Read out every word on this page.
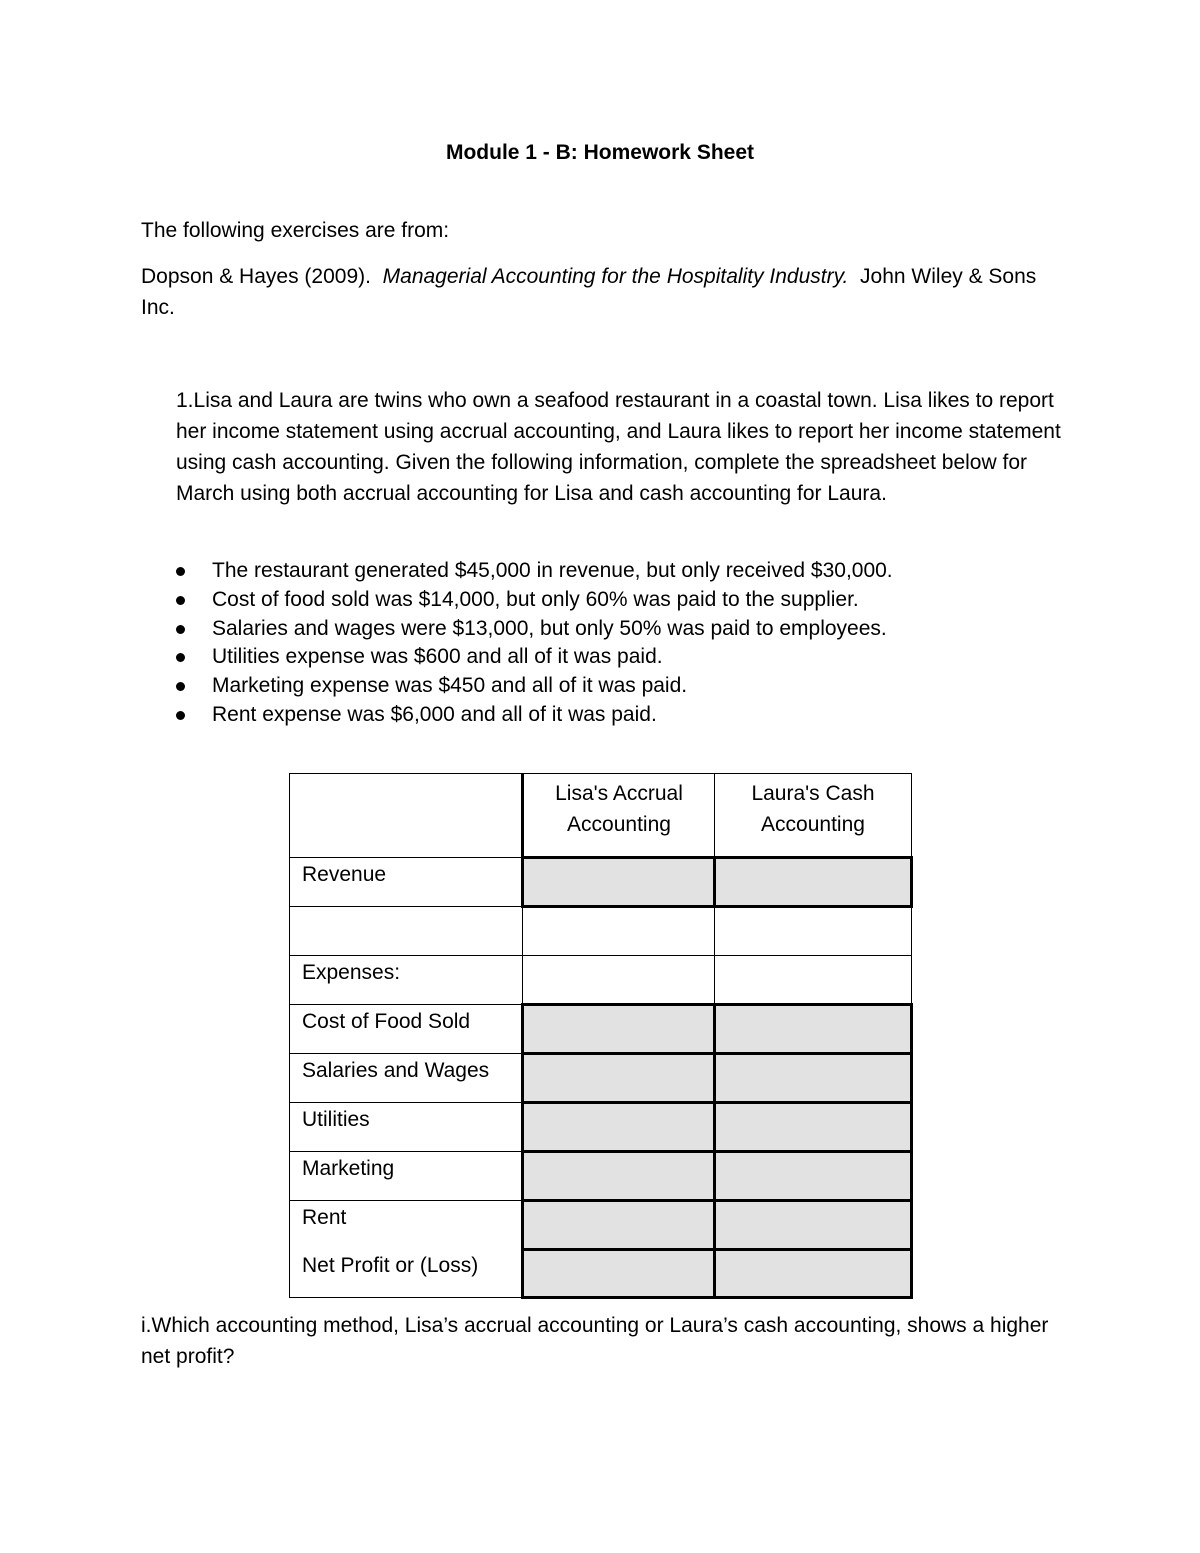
Module 1 - B: Homework Sheet

The following exercises are from:

Dopson & Hayes (2009). Managerial Accounting for the Hospitality Industry. John Wiley & Sons Inc.

1.Lisa and Laura are twins who own a seafood restaurant in a coastal town. Lisa likes to report her income statement using accrual accounting, and Laura likes to report her income statement using cash accounting. Given the following information, complete the spreadsheet below for March using both accrual accounting for Lisa and cash accounting for Laura.

The restaurant generated $45,000 in revenue, but only received $30,000.
Cost of food sold was $14,000, but only 60% was paid to the supplier.
Salaries and wages were $13,000, but only 50% was paid to employees.
Utilities expense was $600 and all of it was paid.
Marketing expense was $450 and all of it was paid.
Rent expense was $6,000 and all of it was paid.
	Lisa's Accrual Accounting	Laura's Cash Accounting
Revenue		

Expenses:		
Cost of Food Sold		
Salaries and Wages		
Utilities		
Marketing		
Rent		
Net Profit or (Loss)		

i.Which accounting method, Lisa’s accrual accounting or Laura’s cash accounting, shows a higher net profit?
